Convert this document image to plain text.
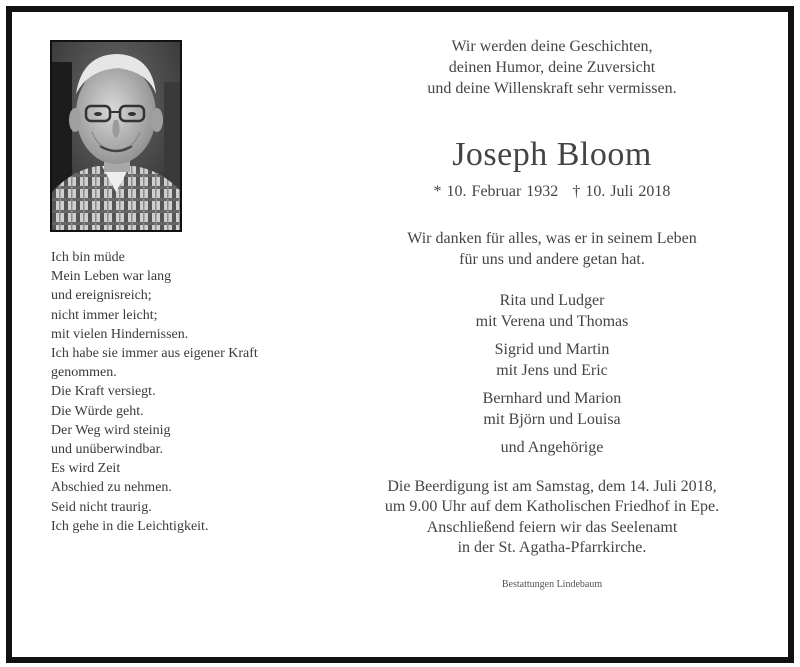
Ich bin müde
Mein Leben war lang
und ereignisreich;
nicht immer leicht;
mit vielen Hindernissen.
Ich habe sie immer aus eigener Kraft
genommen.
Die Kraft versiegt.
Die Würde geht.
Der Weg wird steinig
und unüberwindbar.
Es wird Zeit
Abschied zu nehmen.
Seid nicht traurig.
Ich gehe in die Leichtigkeit.
Wir werden deine Geschichten,
deinen Humor, deine Zuversicht
und deine Willenskraft sehr vermissen.
Joseph Bloom
* 10. Februar 1932 † 10. Juli 2018
Wir danken für alles, was er in seinem Leben
für uns und andere getan hat.
Rita und Ludger
mit Verena und Thomas
Sigrid und Martin
mit Jens und Eric
Bernhard und Marion
mit Björn und Louisa
und Angehörige
Die Beerdigung ist am Samstag, dem 14. Juli 2018,
um 9.00 Uhr auf dem Katholischen Friedhof in Epe.
Anschließend feiern wir das Seelenamt
in der St. Agatha-Pfarrkirche.
Bestattungen Lindebaum
